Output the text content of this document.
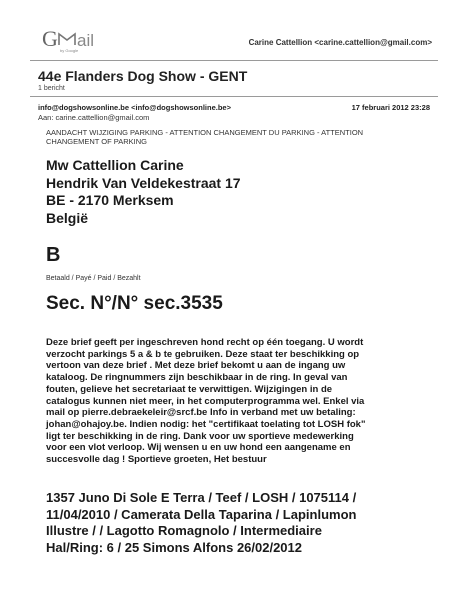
G ail
by Google
Carine Cattellion <carine.cattellion@gmail.com>
44e Flanders Dog Show - GENT
1 bericht
info@dogshowsonline.be <info@dogshowsonline.be>	17 februari 2012 23:28
Aan: carine.cattellion@gmail.com
AANDACHT WIJZIGING PARKING - ATTENTION CHANGEMENT DU PARKING - ATTENTION CHANGEMENT OF PARKING
Mw Cattellion Carine
Hendrik Van Veldekestraat 17
BE - 2170 Merksem
België
B
Betaald / Payé / Paid / Bezahlt
Sec. N°/N° sec.3535
Deze brief geeft per ingeschreven hond recht op één toegang. U wordt
verzocht parkings 5 a & b te gebruiken. Deze staat ter beschikking op
vertoon van deze brief . Met deze brief bekomt u aan de ingang uw
kataloog. De ringnummers zijn beschikbaar in de ring. In geval van
fouten, gelieve het secretariaat te verwittigen. Wijzigingen in de
catalogus kunnen niet meer, in het computerprogramma wel. Enkel via
mail op pierre.debraekeleir@srcf.be Info in verband met uw betaling:
johan@ohajoy.be. Indien nodig: het "certifikaat toelating tot LOSH fok"
ligt ter beschikking in de ring. Dank voor uw sportieve medewerking
voor een vlot verloop. Wij wensen u en uw hond een aangename en
succesvolle dag ! Sportieve groeten, Het bestuur
1357 Juno Di Sole E Terra / Teef / LOSH / 1075114 /
11/04/2010 / Camerata Della Taparina / Lapinlumon
Illustre / / Lagotto Romagnolo / Intermediaire
Hal/Ring: 6 / 25 Simons Alfons 26/02/2012
